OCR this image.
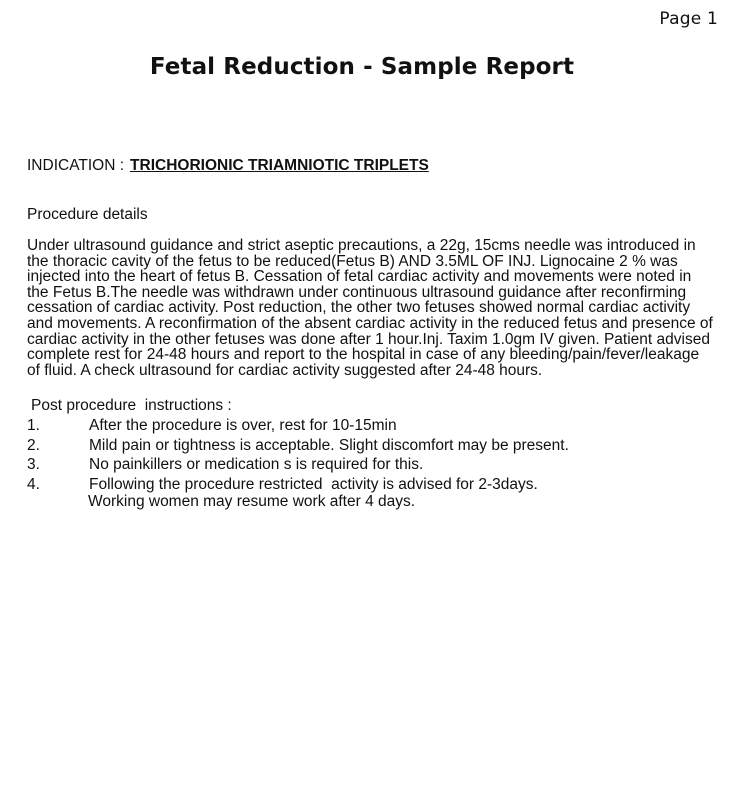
Page 1
Fetal Reduction - Sample Report
INDICATION : TRICHORIONIC TRIAMNIOTIC TRIPLETS
Procedure details

Under ultrasound guidance and strict aseptic precautions, a 22g, 15cms needle was introduced in the thoracic cavity of the fetus to be reduced(Fetus B) AND 3.5ML OF INJ. Lignocaine 2 % was injected into the heart of fetus B. Cessation of fetal cardiac activity and movements were noted in the Fetus B.The needle was withdrawn under continuous ultrasound guidance after reconfirming cessation of cardiac activity. Post reduction, the other two fetuses showed normal cardiac activity and movements. A reconfirmation of the absent cardiac activity in the reduced fetus and presence of cardiac activity in the other fetuses was done after 1 hour.Inj. Taxim 1.0gm IV given. Patient advised complete rest for 24-48 hours and report to the hospital in case of any bleeding/pain/fever/leakage of fluid. A check ultrasound for cardiac activity suggested after 24-48 hours.

Post procedure  instructions :
1.	After the procedure is over, rest for 10-15min
2.	Mild pain or tightness is acceptable. Slight discomfort may be present.
3.	No painkillers or medication s is required for this.
4.	Following the procedure restricted  activity is advised for 2-3days.
Working women may resume work after 4 days.
